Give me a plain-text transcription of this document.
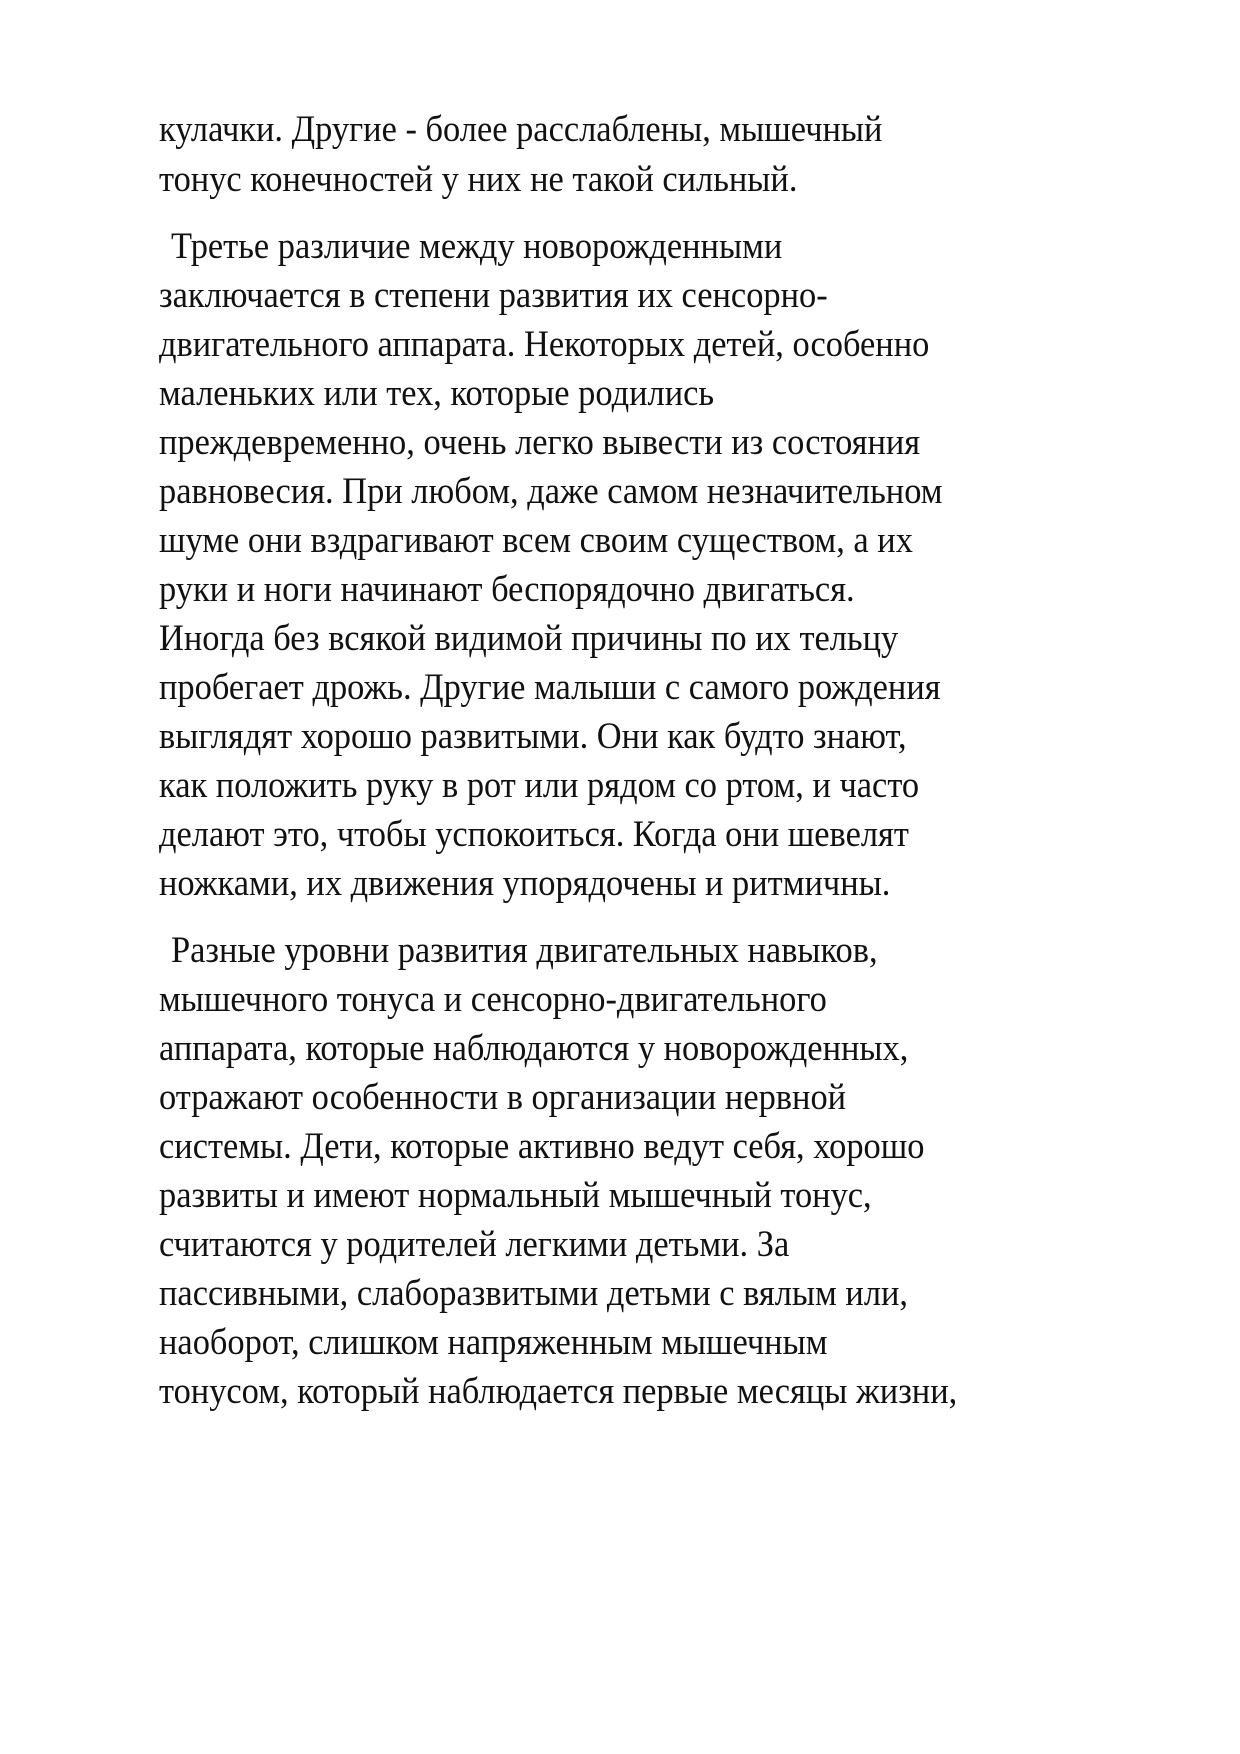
кулачки. Другие - более расслаблены, мышечный
тонус конечностей у них не такой сильный.
Третье различие между новорожденными
заключается в степени развития их сенсорно-
двигательного аппарата. Некоторых детей, особенно
маленьких или тех, которые родились
преждевременно, очень легко вывести из состояния
равновесия. При любом, даже самом незначительном
шуме они вздрагивают всем своим существом, а их
руки и ноги начинают беспорядочно двигаться.
Иногда без всякой видимой причины по их тельцу
пробегает дрожь. Другие малыши с самого рождения
выглядят хорошо развитыми. Они как будто знают,
как положить руку в рот или рядом со ртом, и часто
делают это, чтобы успокоиться. Когда они шевелят
ножками, их движения упорядочены и ритмичны.
Разные уровни развития двигательных навыков,
мышечного тонуса и сенсорно-двигательного
аппарата, которые наблюдаются у новорожденных,
отражают особенности в организации нервной
системы. Дети, которые активно ведут себя, хорошо
развиты и имеют нормальный мышечный тонус,
считаются у родителей легкими детьми. За
пассивными, слаборазвитыми детьми с вялым или,
наоборот, слишком напряженным мышечным
тонусом, который наблюдается первые месяцы жизни,
